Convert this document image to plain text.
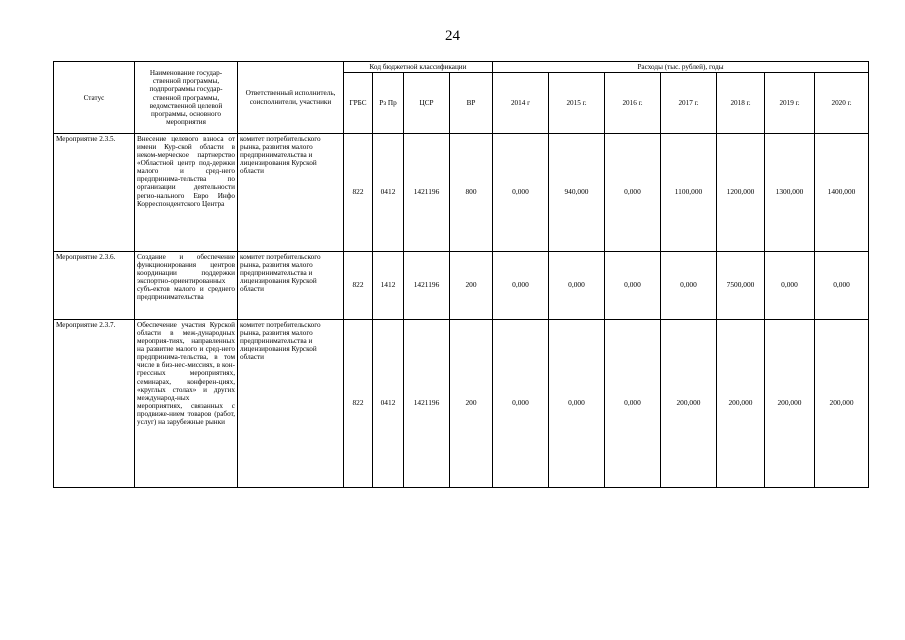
24
Статус	Наименование государ-ственной программы, подпрограммы государ-ственной программы, ведомственной целевой программы, основного мероприятия	Ответственный исполнитель, соисполнители, участники	Код бюджетной классификации				Расходы (тыс. рублей), годы						
			ГРБС	Рз Пр	ЦСР	ВР	2014 г	2015 г.	2016 г.	2017 г.	2018 г.	2019 г.	2020 г.
Мероприятие 2.3.5.	Внесение целевого взноса от имени Кур-ской области в неком-мерческое партнерство «Областной центр под-держки малого и сред-него предпринима-тельства по организации деятельности регио-нального Евро Инфо Корреспондентского Центра	комитет потребительского рынка, развития малого предпринимательства и лицензирования Курской области	822	0412	1421196	800	0,000	940,000	0,000	1100,000	1200,000	1300,000	1400,000
Мероприятие 2.3.6.	Создание и обеспечение функционирования центров координации поддержки экспортно-ориентированных субъ-ектов малого и среднего предпринимательства	комитет потребительского рынка, развития малого предпринимательства и лицензирования Курской области	822	1412	1421196	200	0,000	0,000	0,000	0,000	7500,000	0,000	0,000
Мероприятие 2.3.7.	Обеспечение участия Курской области в меж-дународных мероприя-тиях, направленных на развитие малого и сред-него предпринима-тельства, в том числе в биз-нес-миссиях, в кон-грессных мероприятиях, семинарах, конферен-циях, «круглых столах» и других международ-ных мероприятиях, связанных с продвиже-нием товаров (работ, услуг) на зарубежные рынки	комитет потребительского рынка, развития малого предпринимательства и лицензирования Курской области	822	0412	1421196	200	0,000	0,000	0,000	200,000	200,000	200,000	200,000
